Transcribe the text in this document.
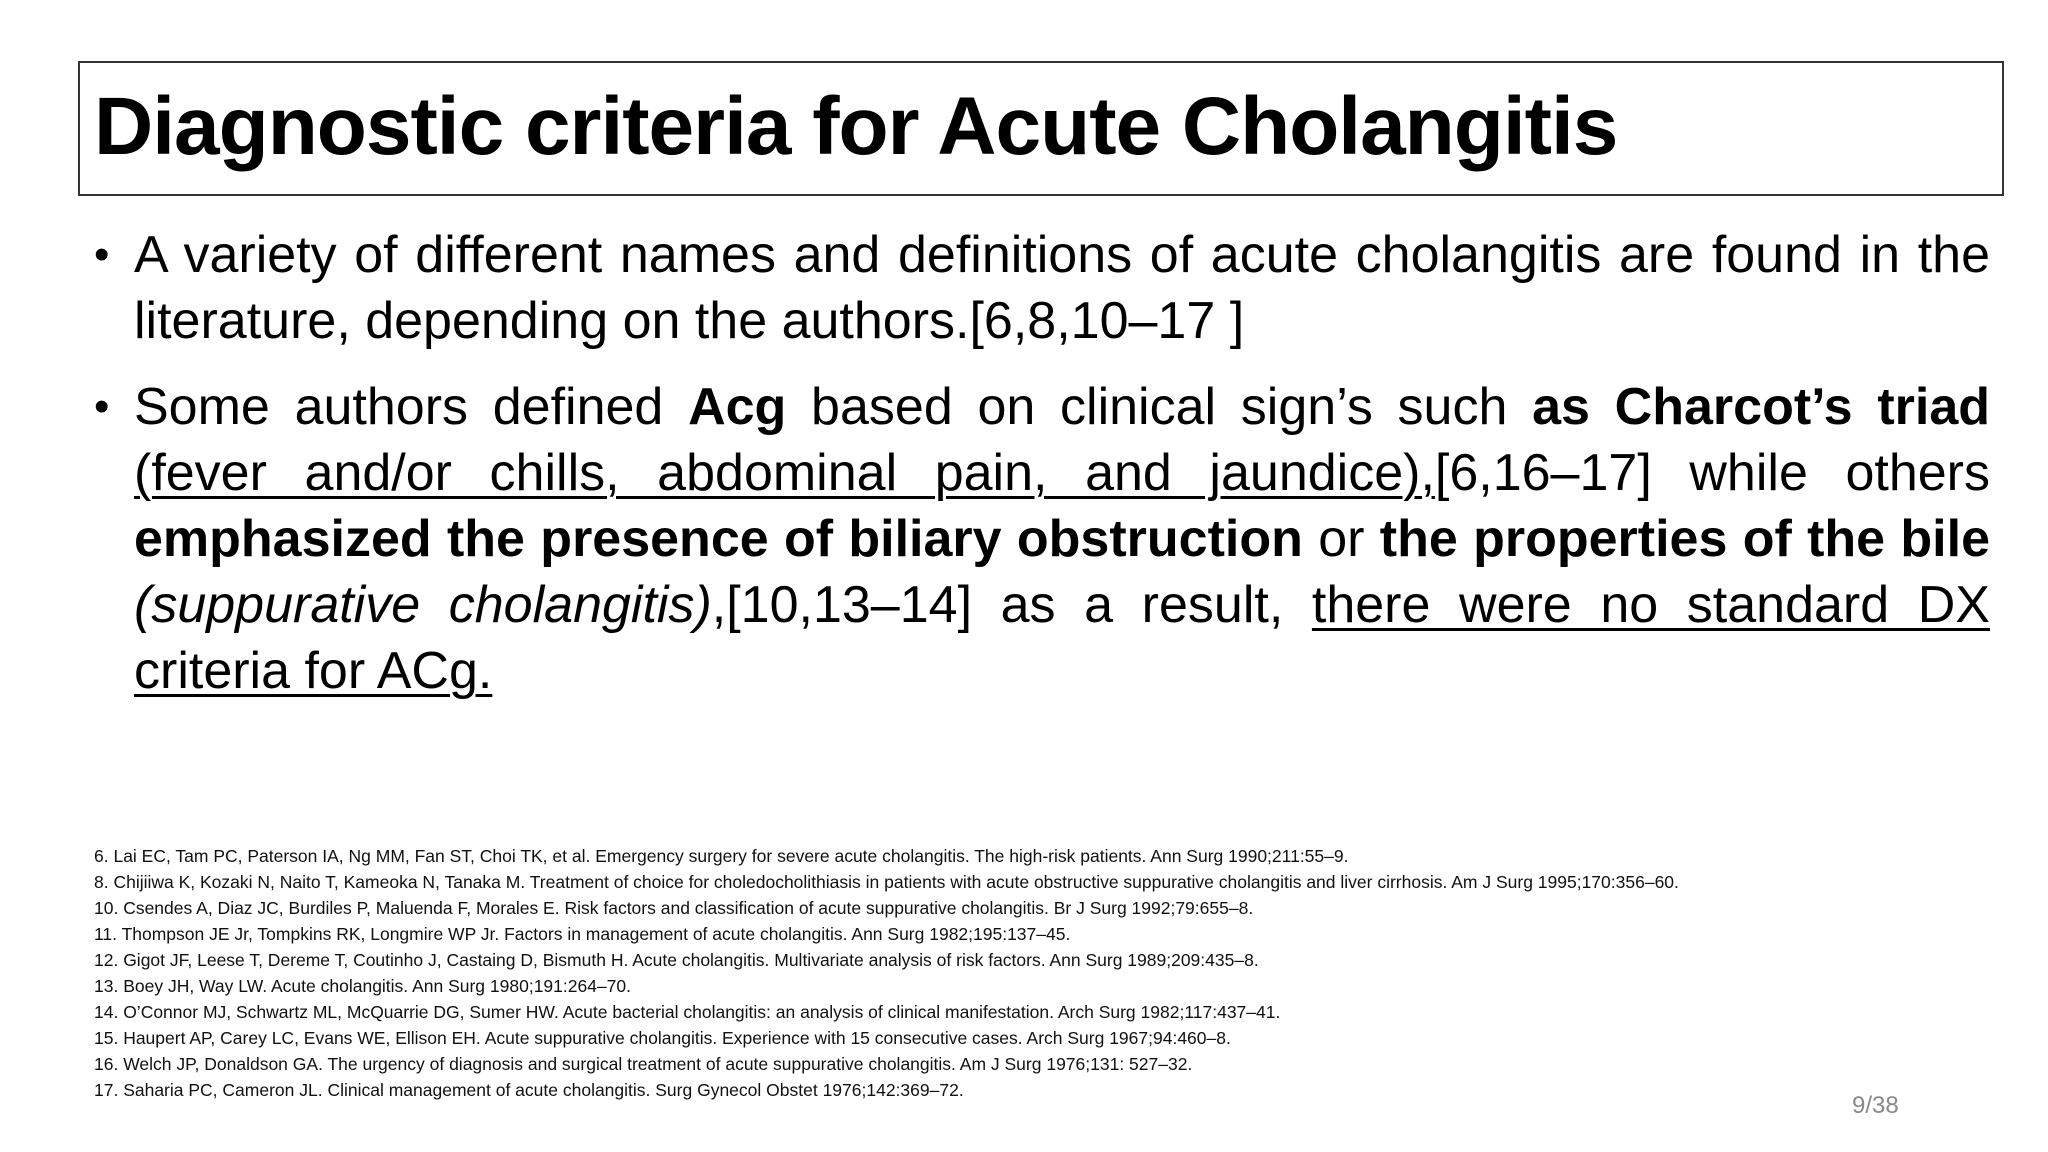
Diagnostic criteria for Acute Cholangitis
• A variety of different names and definitions of acute cholangitis are found in the literature, depending on the authors.[6,8,10–17 ]
• Some authors defined Acg based on clinical sign’s such as Charcot’s triad (fever and/or chills, abdominal pain, and jaundice),[6,16–17] while others emphasized the presence of biliary obstruction or the properties of the bile (suppurative cholangitis),[10,13–14] as a result, there were no standard DX criteria for ACg.
6. Lai EC, Tam PC, Paterson IA, Ng MM, Fan ST, Choi TK, et al. Emergency surgery for severe acute cholangitis. The high-risk patients. Ann Surg 1990;211:55–9.
8. Chijiiwa K, Kozaki N, Naito T, Kameoka N, Tanaka M. Treatment of choice for choledocholithiasis in patients with acute obstructive suppurative cholangitis and liver cirrhosis. Am J Surg 1995;170:356–60.
10. Csendes A, Diaz JC, Burdiles P, Maluenda F, Morales E. Risk factors and classification of acute suppurative cholangitis. Br J Surg 1992;79:655–8.
11. Thompson JE Jr, Tompkins RK, Longmire WP Jr. Factors in management of acute cholangitis. Ann Surg 1982;195:137–45.
12. Gigot JF, Leese T, Dereme T, Coutinho J, Castaing D, Bismuth H. Acute cholangitis. Multivariate analysis of risk factors. Ann Surg 1989;209:435–8.
13. Boey JH, Way LW. Acute cholangitis. Ann Surg 1980;191:264–70.
14. O’Connor MJ, Schwartz ML, McQuarrie DG, Sumer HW. Acute bacterial cholangitis: an analysis of clinical manifestation. Arch Surg 1982;117:437–41.
15. Haupert AP, Carey LC, Evans WE, Ellison EH. Acute suppurative cholangitis. Experience with 15 consecutive cases. Arch Surg 1967;94:460–8.
16. Welch JP, Donaldson GA. The urgency of diagnosis and surgical treatment of acute suppurative cholangitis. Am J Surg 1976;131: 527–32.
17. Saharia PC, Cameron JL. Clinical management of acute cholangitis. Surg Gynecol Obstet 1976;142:369–72.
9/38
